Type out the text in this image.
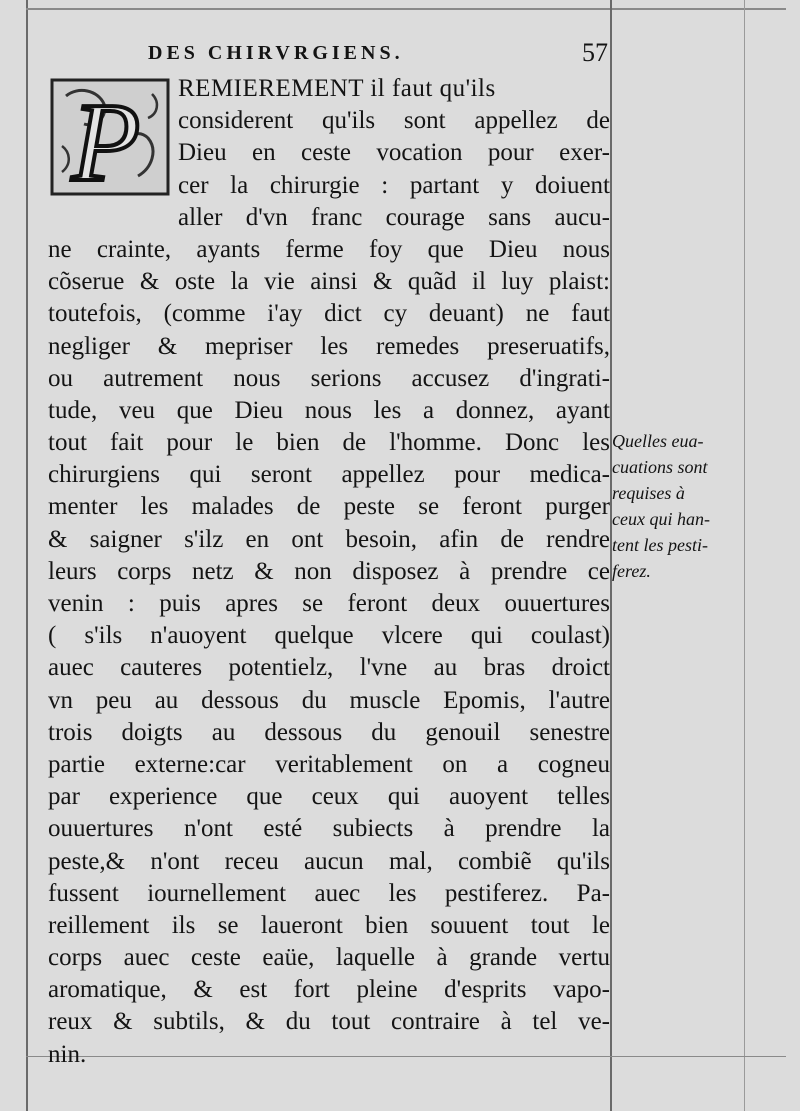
DES CHIRVRGIENS.	57
P	REMIEREMENT il faut qu'ils
considerent qu'ils sont appellez de
Dieu en ceste vocation pour exer-
cer la chirurgie : partant y doiuent
aller d'vn franc courage sans aucu-
ne crainte, ayants ferme foy que Dieu nous
cõserue & oste la vie ainsi & quãd il luy plaist:
toutefois, (comme i'ay dict cy deuant) ne faut
negliger & mepriser les remedes preseruatifs,
ou autrement nous serions accusez d'ingrati-
tude, veu que Dieu nous les a donnez, ayant
tout fait pour le bien de l'homme. Donc les
chirurgiens qui seront appellez pour medica-
menter les malades de peste se feront purger
& saigner s'ilz en ont besoin, afin de rendre
leurs corps netz & non disposez à prendre ce
venin : puis apres se feront deux ouuertures
( s'ils n'auoyent quelque vlcere qui coulast)
auec cauteres potentielz, l'vne au bras droict
vn peu au dessous du muscle Epomis, l'autre
trois doigts au dessous du genouil senestre
partie externe:car veritablement on a cogneu
par experience que ceux qui auoyent telles
ouuertures n'ont esté subiects à prendre la
peste,& n'ont receu aucun mal, combiẽ qu'ils
fussent iournellement auec les pestiferez. Pa-
reillement ils se laueront bien souuent tout le
corps auec ceste eaüe, laquelle à grande vertu
aromatique, & est fort pleine d'esprits vapo-
reux & subtils, & du tout contraire à tel ve-
nin.
Quelles eua-
cuations sont
requises à
ceux qui han-
tent les pesti-
ferez.
